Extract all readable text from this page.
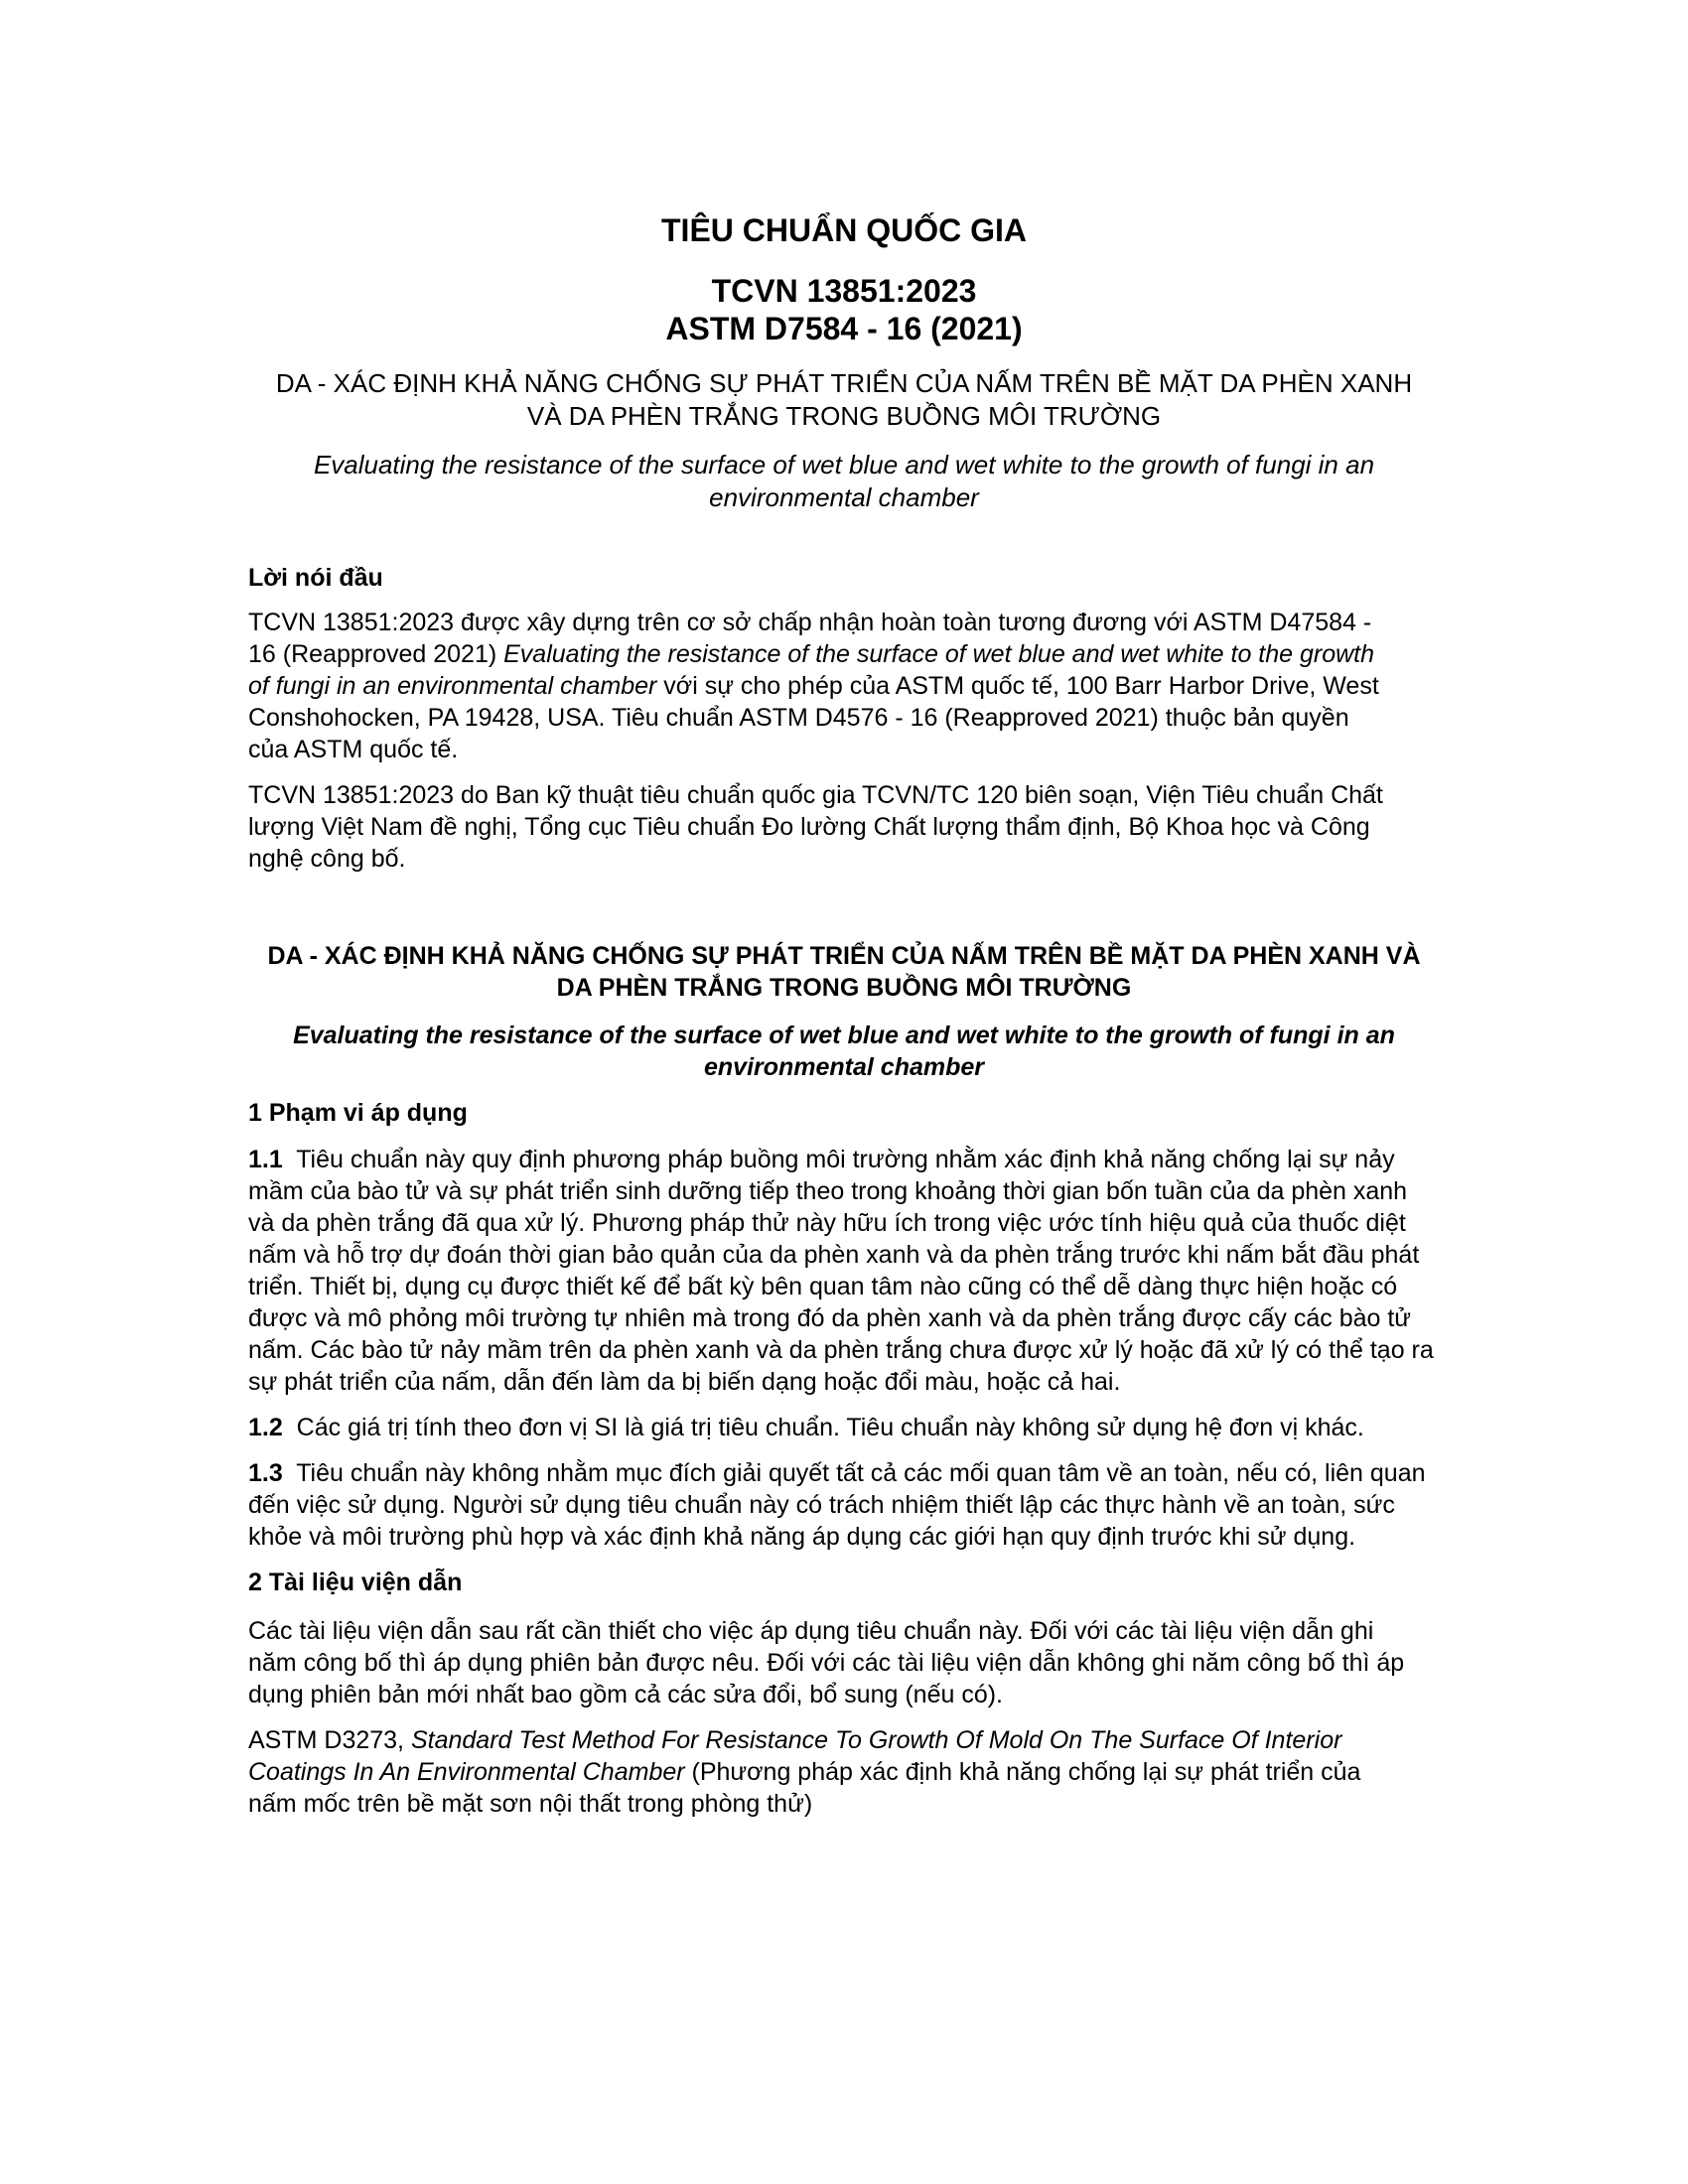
TIÊU CHUẨN QUỐC GIA
TCVN 13851:2023
ASTM D7584 - 16 (2021)
DA - XÁC ĐỊNH KHẢ NĂNG CHỐNG SỰ PHÁT TRIỂN CỦA NẤM TRÊN BỀ MẶT DA PHÈN XANH VÀ DA PHÈN TRẮNG TRONG BUỒNG MÔI TRƯỜNG
Evaluating the resistance of the surface of wet blue and wet white to the growth of fungi in an environmental chamber
Lời nói đầu

TCVN 13851:2023 được xây dựng trên cơ sở chấp nhận hoàn toàn tương đương với ASTM D47584 - 16 (Reapproved 2021) Evaluating the resistance of the surface of wet blue and wet white to the growth of fungi in an environmental chamber với sự cho phép của ASTM quốc tế, 100 Barr Harbor Drive, West Conshohocken, PA 19428, USA. Tiêu chuẩn ASTM D4576 - 16 (Reapproved 2021) thuộc bản quyền của ASTM quốc tế.

TCVN 13851:2023 do Ban kỹ thuật tiêu chuẩn quốc gia TCVN/TC 120 biên soạn, Viện Tiêu chuẩn Chất lượng Việt Nam đề nghị, Tổng cục Tiêu chuẩn Đo lường Chất lượng thẩm định, Bộ Khoa học và Công nghệ công bố.

DA - XÁC ĐỊNH KHẢ NĂNG CHỐNG SỰ PHÁT TRIỂN CỦA NẤM TRÊN BỀ MẶT DA PHÈN XANH VÀ DA PHÈN TRẮNG TRONG BUỒNG MÔI TRƯỜNG
Evaluating the resistance of the surface of wet blue and wet white to the growth of fungi in an environmental chamber
1 Phạm vi áp dụng

1.1 Tiêu chuẩn này quy định phương pháp buồng môi trường nhằm xác định khả năng chống lại sự nảy mầm của bào tử và sự phát triển sinh dưỡng tiếp theo trong khoảng thời gian bốn tuần của da phèn xanh và da phèn trắng đã qua xử lý. Phương pháp thử này hữu ích trong việc ước tính hiệu quả của thuốc diệt nấm và hỗ trợ dự đoán thời gian bảo quản của da phèn xanh và da phèn trắng trước khi nấm bắt đầu phát triển. Thiết bị, dụng cụ được thiết kế để bất kỳ bên quan tâm nào cũng có thể dễ dàng thực hiện hoặc có được và mô phỏng môi trường tự nhiên mà trong đó da phèn xanh và da phèn trắng được cấy các bào tử nấm. Các bào tử nảy mầm trên da phèn xanh và da phèn trắng chưa được xử lý hoặc đã xử lý có thể tạo ra sự phát triển của nấm, dẫn đến làm da bị biến dạng hoặc đổi màu, hoặc cả hai.

1.2 Các giá trị tính theo đơn vị SI là giá trị tiêu chuẩn. Tiêu chuẩn này không sử dụng hệ đơn vị khác.

1.3 Tiêu chuẩn này không nhằm mục đích giải quyết tất cả các mối quan tâm về an toàn, nếu có, liên quan đến việc sử dụng. Người sử dụng tiêu chuẩn này có trách nhiệm thiết lập các thực hành về an toàn, sức khỏe và môi trường phù hợp và xác định khả năng áp dụng các giới hạn quy định trước khi sử dụng.

2 Tài liệu viện dẫn

Các tài liệu viện dẫn sau rất cần thiết cho việc áp dụng tiêu chuẩn này. Đối với các tài liệu viện dẫn ghi năm công bố thì áp dụng phiên bản được nêu. Đối với các tài liệu viện dẫn không ghi năm công bố thì áp dụng phiên bản mới nhất bao gồm cả các sửa đổi, bổ sung (nếu có).

ASTM D3273, Standard Test Method For Resistance To Growth Of Mold On The Surface Of Interior Coatings In An Environmental Chamber (Phương pháp xác định khả năng chống lại sự phát triển của nấm mốc trên bề mặt sơn nội thất trong phòng thử)
